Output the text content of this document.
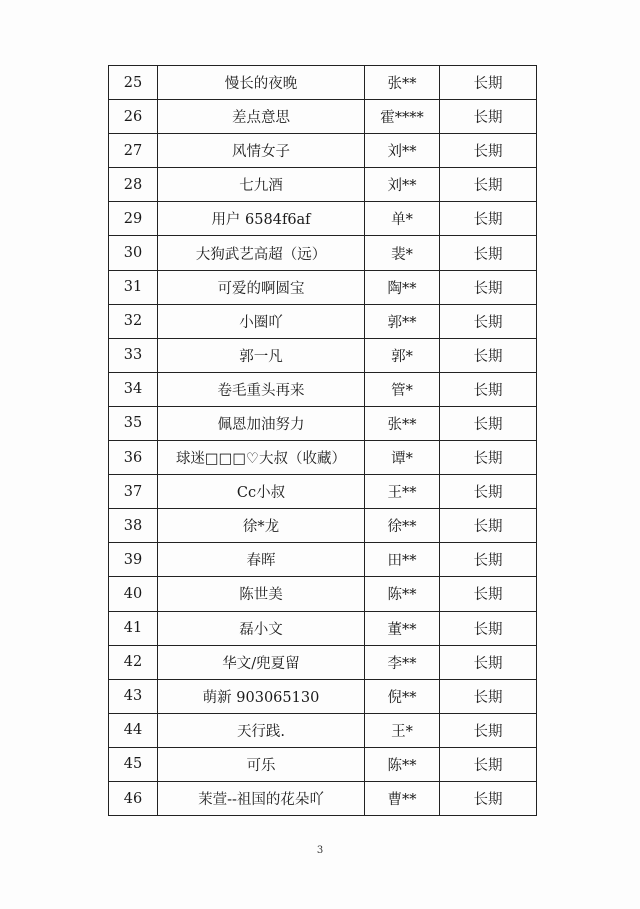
25	慢长的夜晚	张**	长期
26	差点意思	霍****	长期
27	风情女子	刘**	长期
28	七九酒	刘**	长期
29	用户 6584f6af	单*	长期
30	大狗武艺高超（远）	裴*	长期
31	可爱的啊圆宝	陶**	长期
32	小圈吖	郭**	长期
33	郭一凡	郭*	长期
34	卷毛重头再来	管*	长期
35	佩恩加油努力	张**	长期
36	球迷□□□♡大叔（收藏）	谭*	长期
37	Cc小叔	王**	长期
38	徐*龙	徐**	长期
39	春晖	田**	长期
40	陈世美	陈**	长期
41	磊小文	董**	长期
42	华文/兜夏留	李**	长期
43	萌新 903065130	倪**	长期
44	天行践.	王*	长期
45	可乐	陈**	长期
46	茉萱--祖国的花朵吖	曹**	长期
3
